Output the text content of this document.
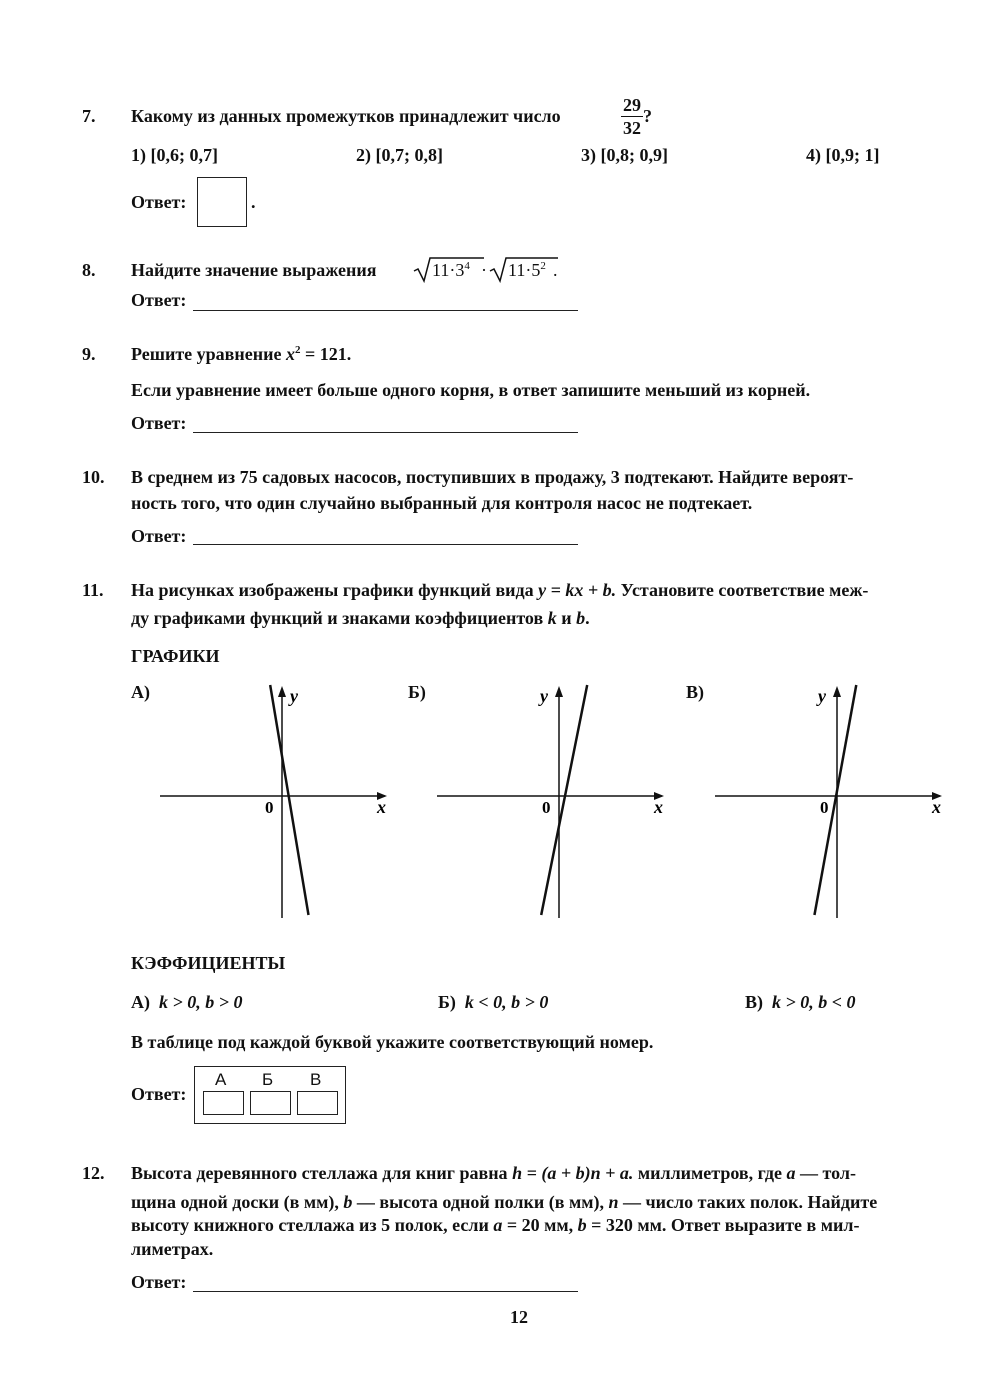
7. Какому из данных промежутков принадлежит число	$\frac{29}{32}$ ?
1) [0,6; 0,7]	2) [0,7; 0,8]	3) [0,8; 0,9]	4) [0,9; 1]
Ответ:	.
8. Найдите значение выражения	$11\cdot 3^4 \cdot 11\cdot 5^2$ .
Ответ:
9. Решите уравнение $x^2 = 121$.
Если уравнение имеет больше одного корня, в ответ запишите меньший из корней.
Ответ:
10. В среднем из 75 садовых насосов, поступивших в продажу, 3 подтекают. Найдите вероят-
ность того, что один случайно выбранный для контроля насос не подтекает.
Ответ:
11. На рисунках изображены графики функций вида y = kx + b. Установите соответствие меж-
ду графиками функций и знаками коэффициентов k и b.
ГРАФИКИ
А)	y
x
0
Б)	y
x
0
В)	y
x
0
КЭФФИЦИЕНТЫ
А) k > 0, b > 0	Б) k < 0, b > 0	В) k > 0, b < 0
В таблице под каждой буквой укажите соответствующий номер.
Ответ:
А Б В
12. Высота деревянного стеллажа для книг равна h = (a + b)n + a. миллиметров, где a — тол-
щина одной доски (в мм), b — высота одной полки (в мм), n — число таких полок. Найдите
высоту книжного стеллажа из 5 полок, если a = 20 мм, b = 320 мм. Ответ выразите в мил-
лиметрах.
Ответ:
12
